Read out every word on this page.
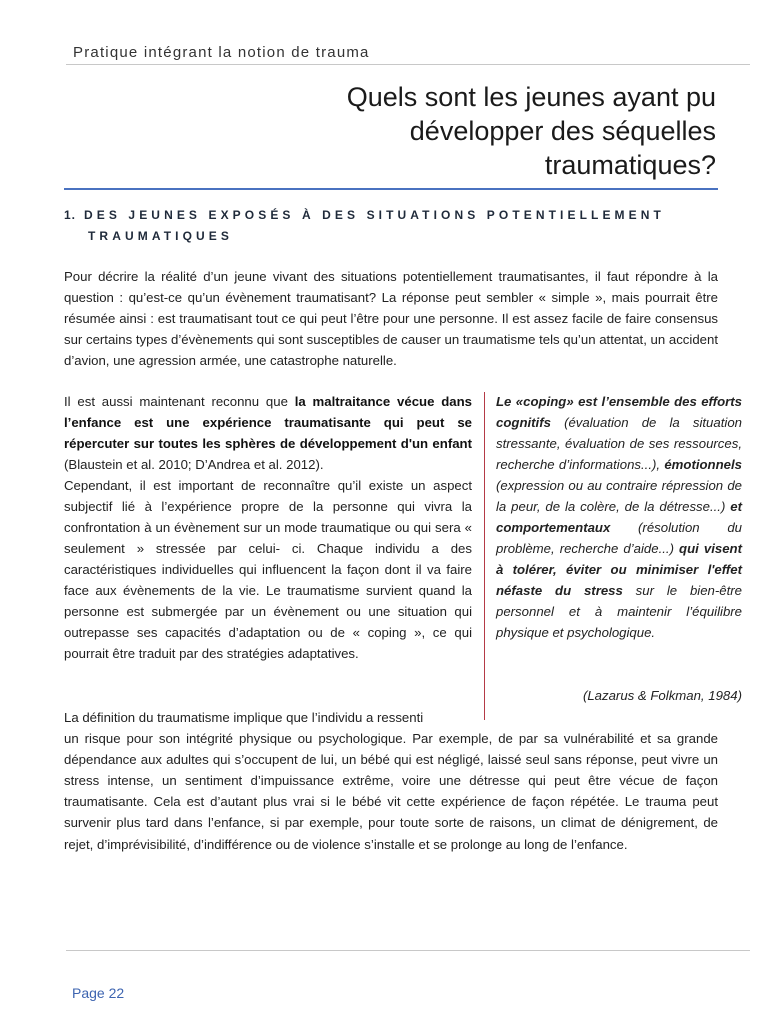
Pratique intégrant la notion de trauma
Quels sont les jeunes ayant pu
développer des séquelles
traumatiques?
1. DES JEUNES EXPOSÉS À DES SITUATIONS POTENTIELLEMENT
TRAUMATIQUES

Pour décrire la réalité d’un jeune vivant des situations potentiellement traumatisantes, il faut répondre à la question : qu’est-ce qu’un évènement traumatisant? La réponse peut sembler « simple », mais pourrait être résumée ainsi : est traumatisant tout ce qui peut l’être pour une personne. Il est assez facile de faire consensus sur certains types d’évènements qui sont susceptibles de causer un traumatisme tels qu’un attentat, un accident d’avion, une agression armée, une catastrophe naturelle.

Il est aussi maintenant reconnu que la maltraitance vécue dans l’enfance est une expérience traumatisante qui peut se répercuter sur toutes les sphères de développement d'un enfant (Blaustein et al. 2010; D’Andrea et al. 2012).
Cependant, il est important de reconnaître qu’il existe un aspect subjectif lié à l’expérience propre de la personne qui vivra la confrontation à un évènement sur un mode traumatique ou qui sera « seulement » stressée par celui- ci. Chaque individu a des caractéristiques individuelles qui influencent la façon dont il va faire face aux évènements de la vie. Le traumatisme survient quand la personne est submergée par un évènement ou une situation qui outrepasse ses capacités d’adaptation ou de « coping », ce qui pourrait être traduit par des stratégies adaptatives.

Le «coping» est l’ensemble des efforts cognitifs (évaluation de la situation stressante, évaluation de ses ressources, recherche d’informations...), émotionnels (expression ou au contraire répression de la peur, de la colère, de la détresse...) et comportementaux (résolution du problème, recherche d’aide...) qui visent à tolérer, éviter ou minimiser l'effet néfaste du stress sur le bien-être personnel et à maintenir l’équilibre physique et psychologique.

(Lazarus & Folkman, 1984)

La définition du traumatisme implique que l’individu a ressenti
un risque pour son intégrité physique ou psychologique. Par exemple, de par sa vulnérabilité et sa grande dépendance aux adultes qui s’occupent de lui, un bébé qui est négligé, laissé seul sans réponse, peut vivre un stress intense, un sentiment d’impuissance extrême, voire une détresse qui peut être vécue de façon traumatisante. Cela est d’autant plus vrai si le bébé vit cette expérience de façon répétée. Le trauma peut survenir plus tard dans l’enfance, si par exemple, pour toute sorte de raisons, un climat de dénigrement, de rejet, d’imprévisibilité, d’indifférence ou de violence s’installe et se prolonge au long de l’enfance.

Page 22
